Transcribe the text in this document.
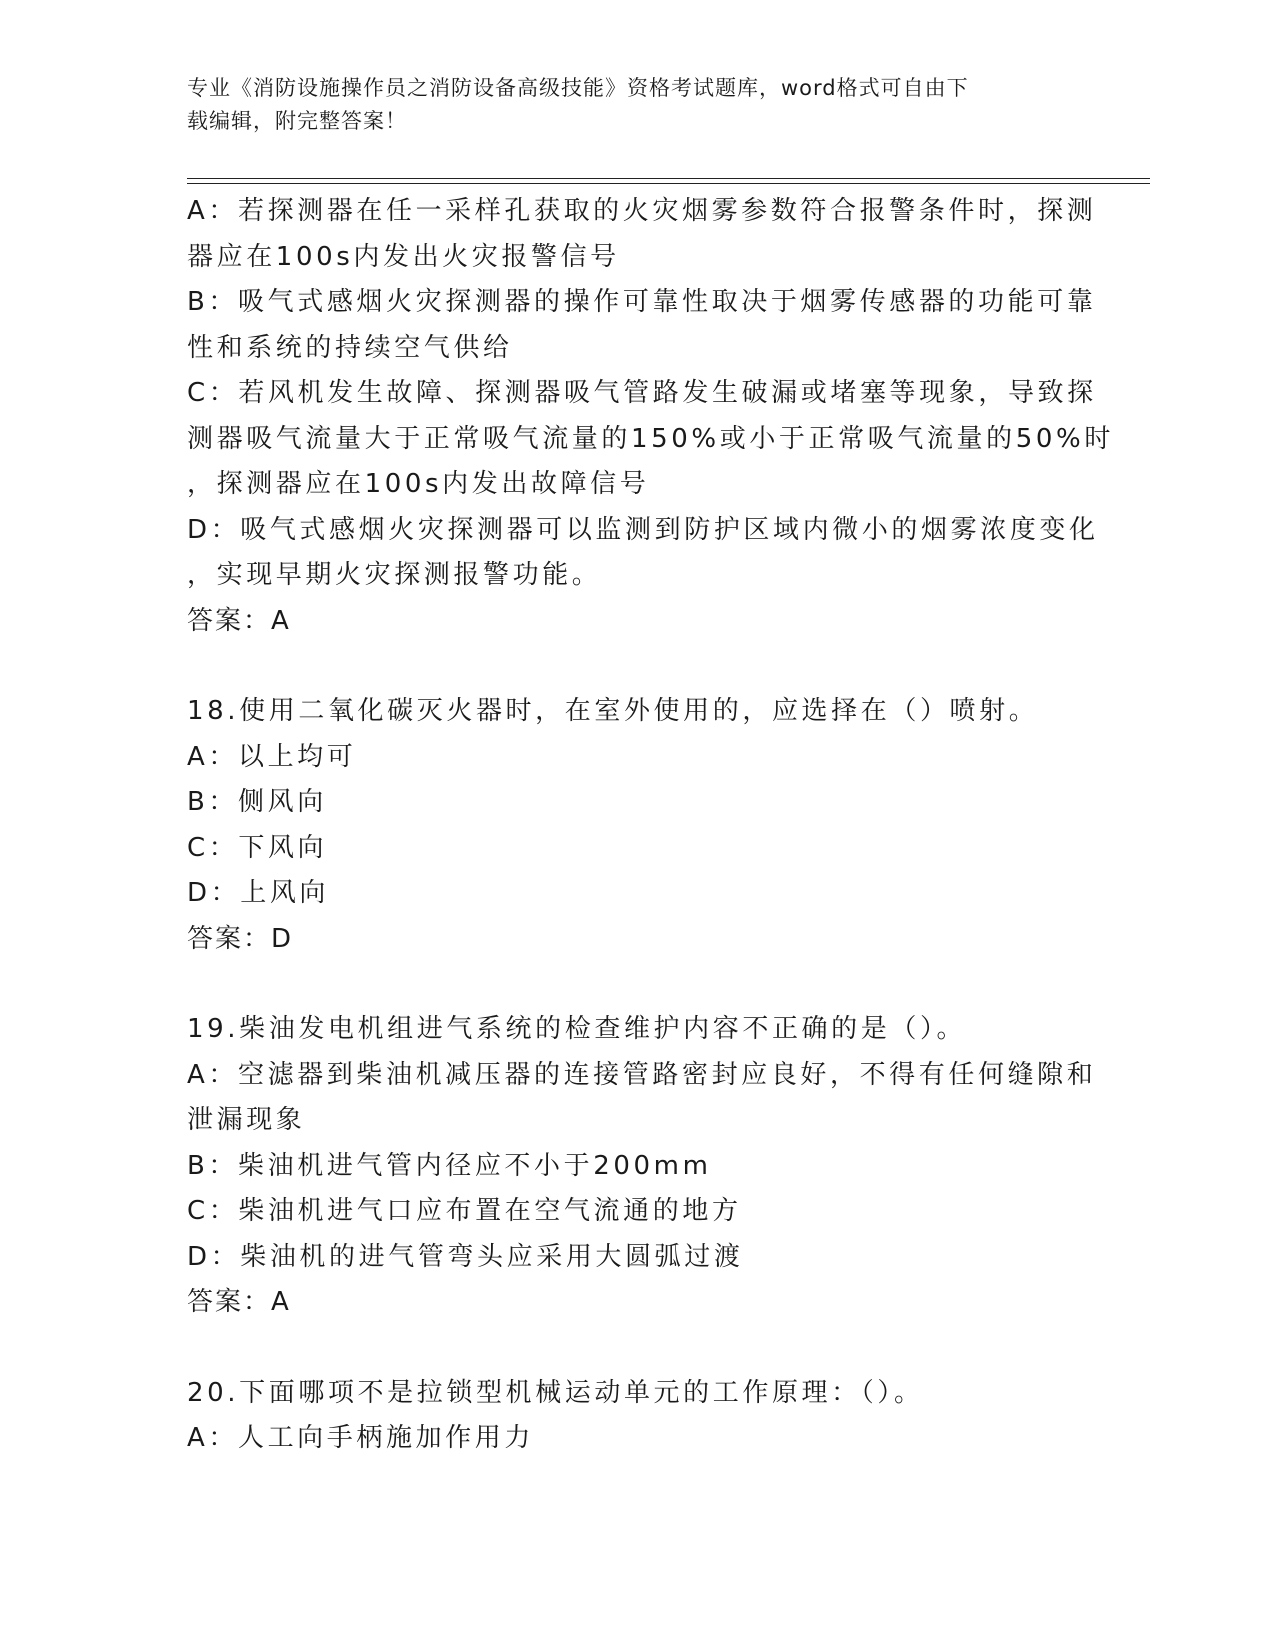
专业《消防设施操作员之消防设备高级技能》资格考试题库，word格式可自由下
载编辑，附完整答案！
A：若探测器在任一采样孔获取的火灾烟雾参数符合报警条件时，探测
器应在100s内发出火灾报警信号
B：吸气式感烟火灾探测器的操作可靠性取决于烟雾传感器的功能可靠
性和系统的持续空气供给
C：若风机发生故障、探测器吸气管路发生破漏或堵塞等现象，导致探
测器吸气流量大于正常吸气流量的150%或小于正常吸气流量的50%时
，探测器应在100s内发出故障信号
D：吸气式感烟火灾探测器可以监测到防护区域内微小的烟雾浓度变化
，实现早期火灾探测报警功能。
答案：A
18.使用二氧化碳灭火器时，在室外使用的，应选择在（）喷射。
A：以上均可
B：侧风向
C：下风向
D：上风向
答案：D
19.柴油发电机组进气系统的检查维护内容不正确的是（）。
A：空滤器到柴油机减压器的连接管路密封应良好，不得有任何缝隙和
泄漏现象
B：柴油机进气管内径应不小于200mm
C：柴油机进气口应布置在空气流通的地方
D：柴油机的进气管弯头应采用大圆弧过渡
答案：A
20.下面哪项不是拉锁型机械运动单元的工作原理：（）。
A：人工向手柄施加作用力
